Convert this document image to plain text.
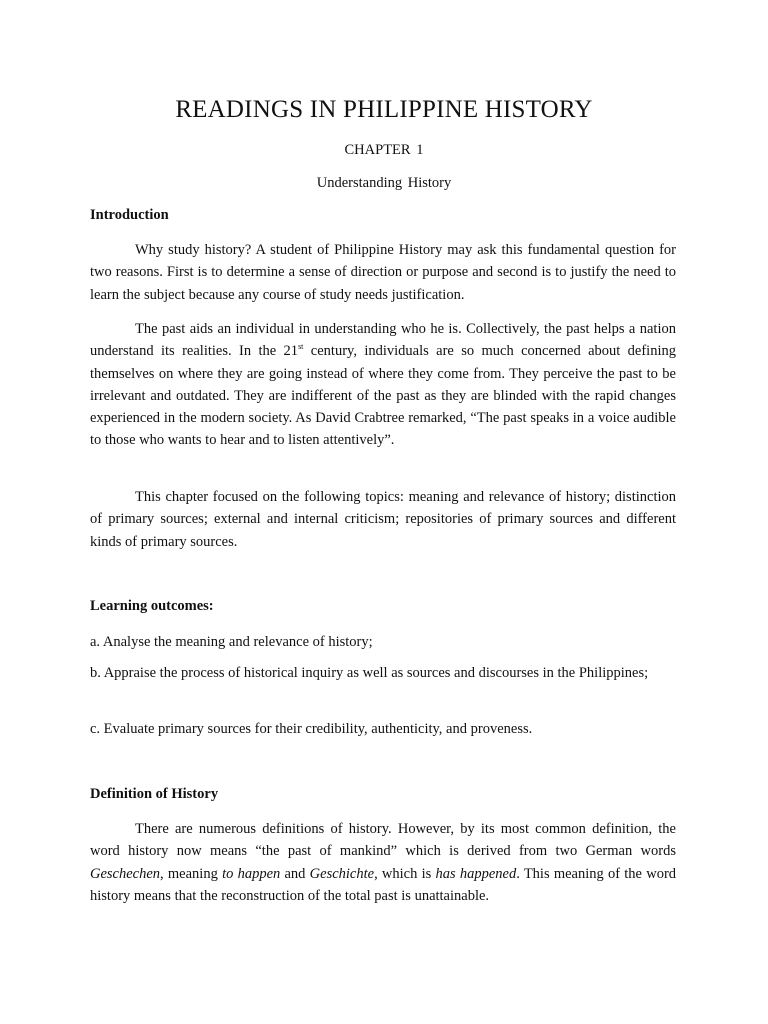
READINGS IN PHILIPPINE HISTORY
CHAPTER 1
Understanding History
Introduction

Why study history? A student of Philippine History may ask this fundamental question for two reasons. First is to determine a sense of direction or purpose and second is to justify the need to learn the subject because any course of study needs justification.

The past aids an individual in understanding who he is. Collectively, the past helps a nation understand its realities. In the 21st century, individuals are so much concerned about defining themselves on where they are going instead of where they come from. They perceive the past to be irrelevant and outdated. They are indifferent of the past as they are blinded with the rapid changes experienced in the modern society. As David Crabtree remarked, “The past speaks in a voice audible to those who wants to hear and to listen attentively”.

This chapter focused on the following topics: meaning and relevance of history; distinction of primary sources; external and internal criticism; repositories of primary sources and different kinds of primary sources.

Learning outcomes:

a. Analyse the meaning and relevance of history;

b. Appraise the process of historical inquiry as well as sources and discourses in the Philippines;

c. Evaluate primary sources for their credibility, authenticity, and proveness.

Definition of History

There are numerous definitions of history. However, by its most common definition, the word history now means “the past of mankind” which is derived from two German words Geschechen, meaning to happen and Geschichte, which is has happened. This meaning of the word history means that the reconstruction of the total past is unattainable.
